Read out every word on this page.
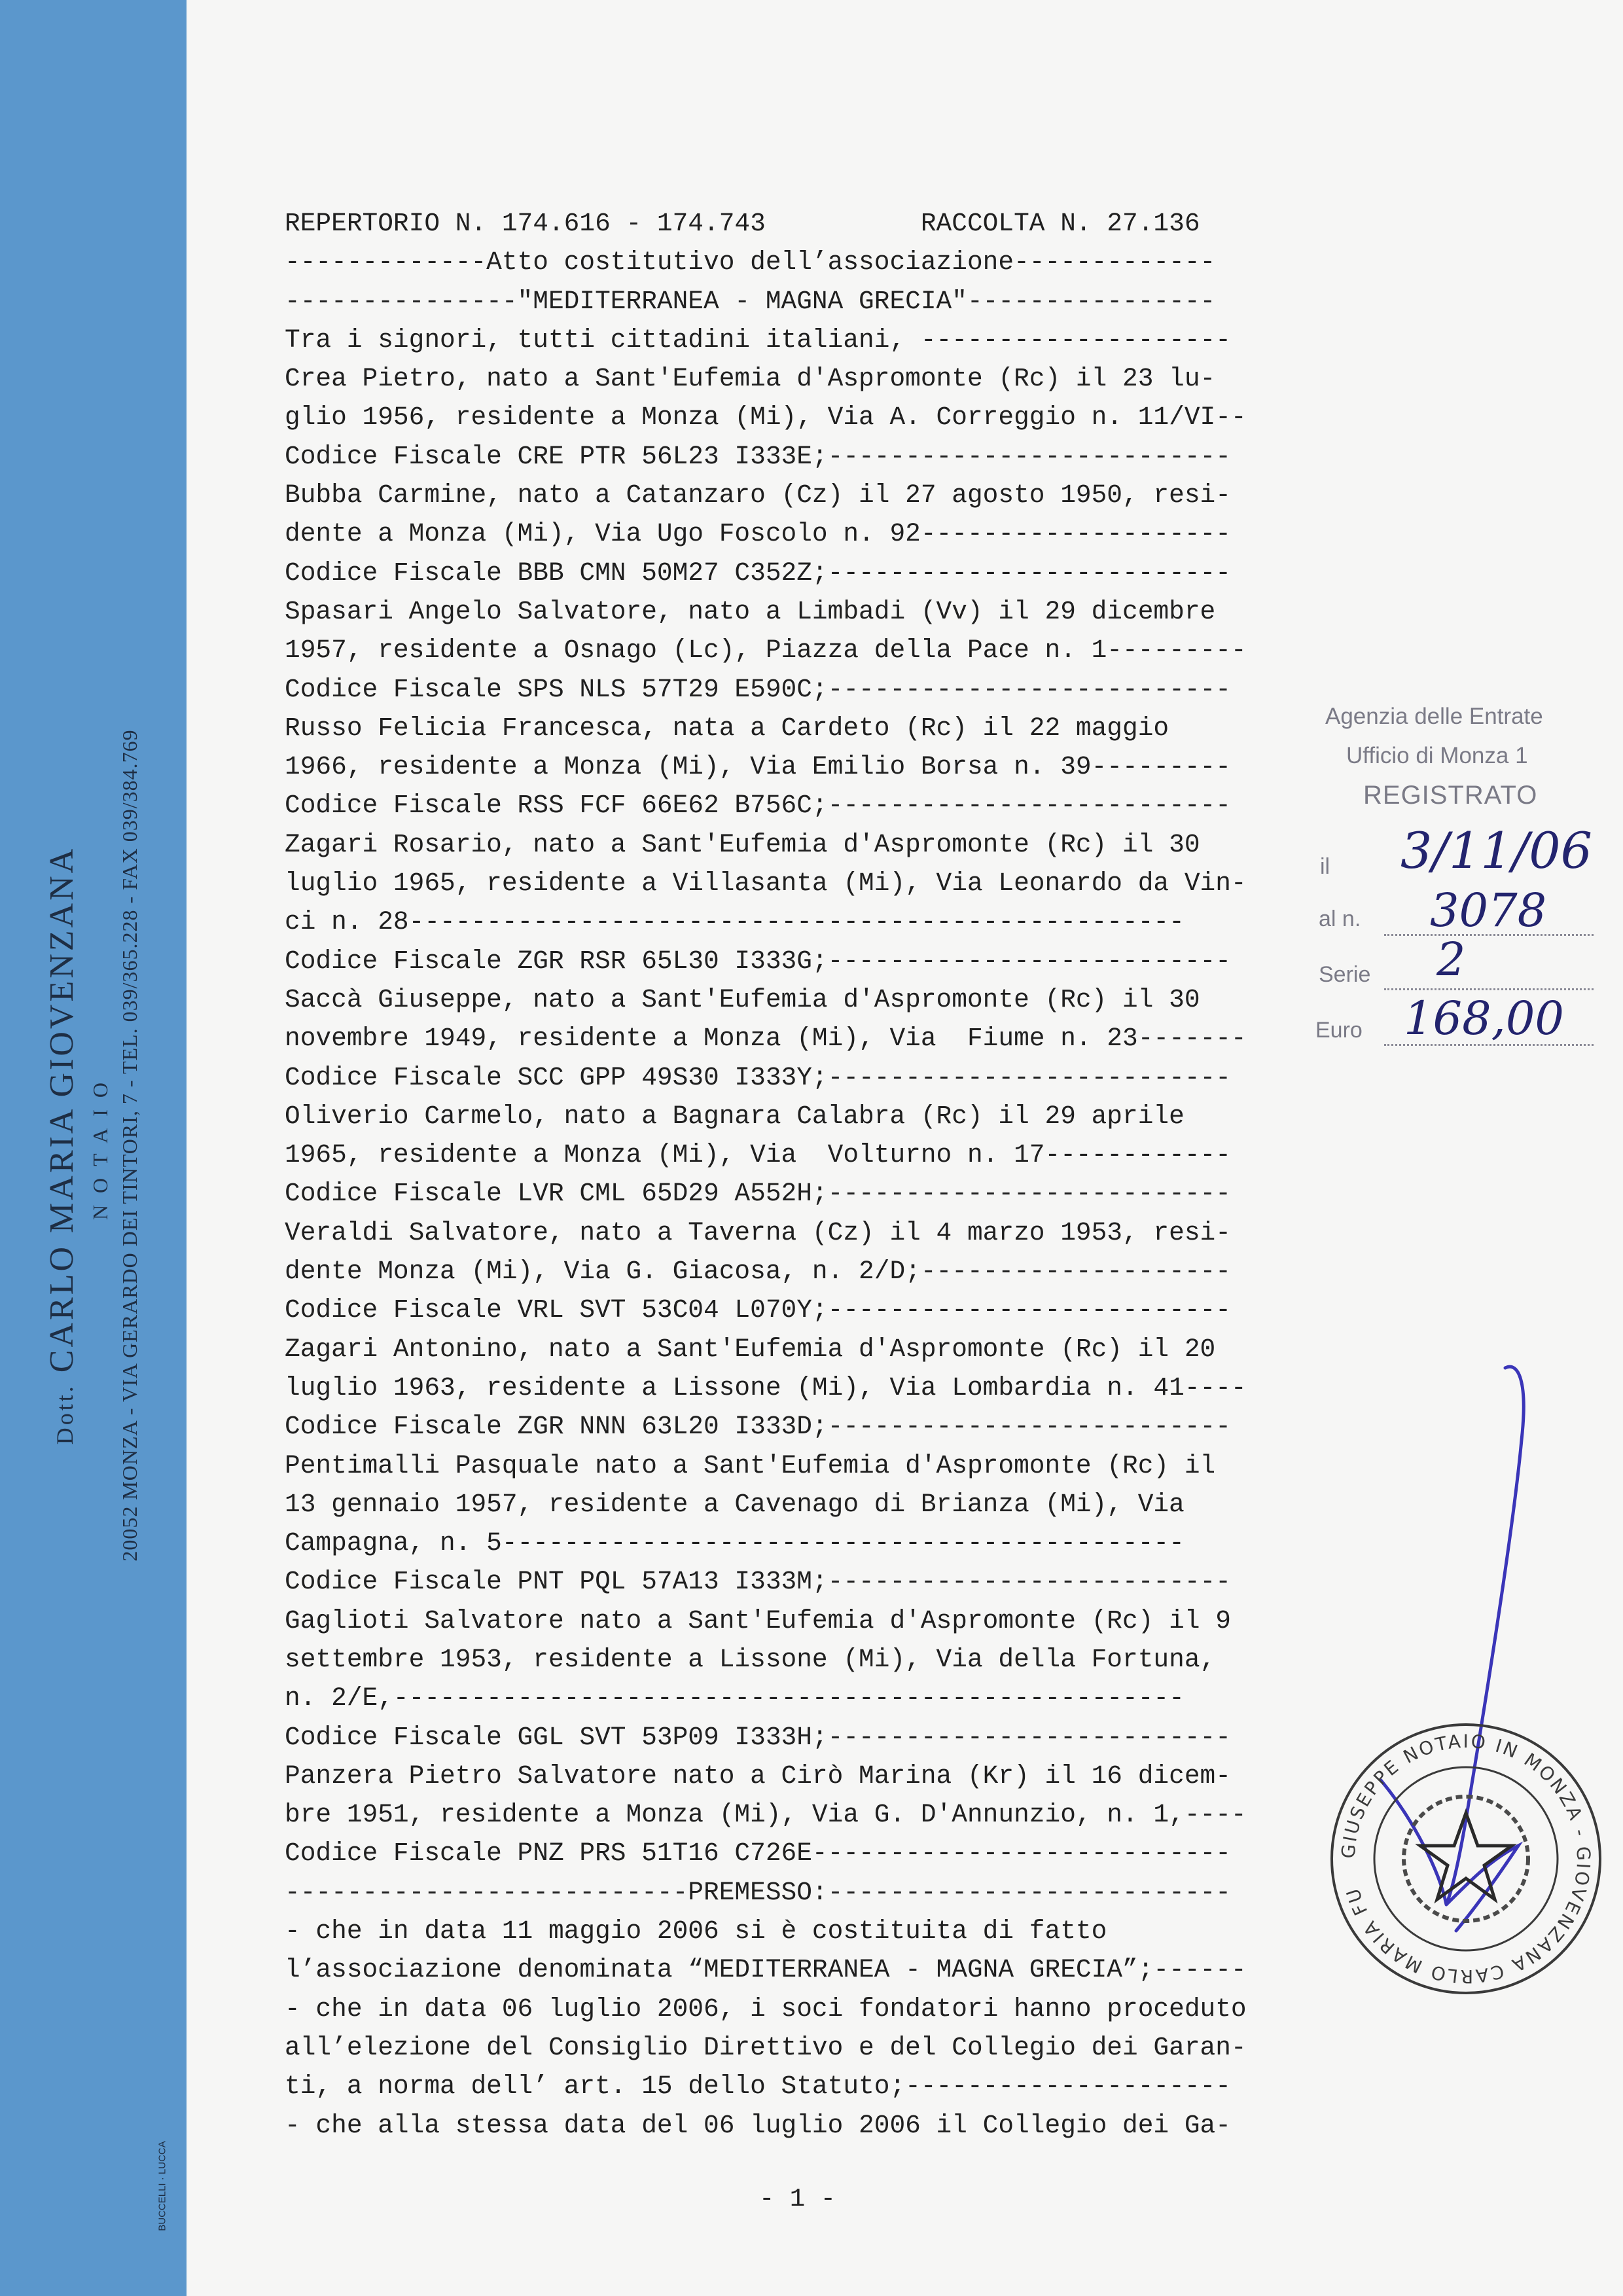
Dott. CARLO MARIA GIOVENZANA NOTAIO 20052 MONZA - VIA GERARDO DEI TINTORI, 7 - TEL. 039/365.228 - FAX 039/384.769
BUCCELLI · LUCCA
REPERTORIO N. 174.616 - 174.743          RACCOLTA N. 27.136
-------------Atto costitutivo dell’associazione-------------
---------------"MEDITERRANEA - MAGNA GRECIA"----------------
Tra i signori, tutti cittadini italiani, --------------------
Crea Pietro, nato a Sant'Eufemia d'Aspromonte (Rc) il 23 lu-
glio 1956, residente a Monza (Mi), Via A. Correggio n. 11/VI--
Codice Fiscale CRE PTR 56L23 I333E;--------------------------
Bubba Carmine, nato a Catanzaro (Cz) il 27 agosto 1950, resi-
dente a Monza (Mi), Via Ugo Foscolo n. 92--------------------
Codice Fiscale BBB CMN 50M27 C352Z;--------------------------
Spasari Angelo Salvatore, nato a Limbadi (Vv) il 29 dicembre
1957, residente a Osnago (Lc), Piazza della Pace n. 1---------
Codice Fiscale SPS NLS 57T29 E590C;--------------------------
Russo Felicia Francesca, nata a Cardeto (Rc) il 22 maggio
1966, residente a Monza (Mi), Via Emilio Borsa n. 39---------
Codice Fiscale RSS FCF 66E62 B756C;--------------------------
Zagari Rosario, nato a Sant'Eufemia d'Aspromonte (Rc) il 30
luglio 1965, residente a Villasanta (Mi), Via Leonardo da Vin-
ci n. 28--------------------------------------------------
Codice Fiscale ZGR RSR 65L30 I333G;--------------------------
Saccà Giuseppe, nato a Sant'Eufemia d'Aspromonte (Rc) il 30
novembre 1949, residente a Monza (Mi), Via  Fiume n. 23-------
Codice Fiscale SCC GPP 49S30 I333Y;--------------------------
Oliverio Carmelo, nato a Bagnara Calabra (Rc) il 29 aprile
1965, residente a Monza (Mi), Via  Volturno n. 17------------
Codice Fiscale LVR CML 65D29 A552H;--------------------------
Veraldi Salvatore, nato a Taverna (Cz) il 4 marzo 1953, resi-
dente Monza (Mi), Via G. Giacosa, n. 2/D;--------------------
Codice Fiscale VRL SVT 53C04 L070Y;--------------------------
Zagari Antonino, nato a Sant'Eufemia d'Aspromonte (Rc) il 20
luglio 1963, residente a Lissone (Mi), Via Lombardia n. 41----
Codice Fiscale ZGR NNN 63L20 I333D;--------------------------
Pentimalli Pasquale nato a Sant'Eufemia d'Aspromonte (Rc) il
13 gennaio 1957, residente a Cavenago di Brianza (Mi), Via
Campagna, n. 5--------------------------------------------
Codice Fiscale PNT PQL 57A13 I333M;--------------------------
Gaglioti Salvatore nato a Sant'Eufemia d'Aspromonte (Rc) il 9
settembre 1953, residente a Lissone (Mi), Via della Fortuna,
n. 2/E,---------------------------------------------------
Codice Fiscale GGL SVT 53P09 I333H;--------------------------
Panzera Pietro Salvatore nato a Cirò Marina (Kr) il 16 dicem-
bre 1951, residente a Monza (Mi), Via G. D'Annunzio, n. 1,----
Codice Fiscale PNZ PRS 51T16 C726E---------------------------
--------------------------PREMESSO:--------------------------
- che in data 11 maggio 2006 si è costituita di fatto
l’associazione denominata “MEDITERRANEA - MAGNA GRECIA”;------
- che in data 06 luglio 2006, i soci fondatori hanno proceduto
all’elezione del Consiglio Direttivo e del Collegio dei Garan-
ti, a norma dell’ art. 15 dello Statuto;---------------------
- che alla stessa data del 06 luglio 2006 il Collegio dei Ga-
- 1 -
Agenzia delle Entrate
Ufficio di Monza 1
REGISTRATO
il 3/11/06
al n. 3078
Serie 2
Euro 168,00
GIUSEPPE NOTAIO IN MONZA - GIOVENZANA CARLO MARIA FU
